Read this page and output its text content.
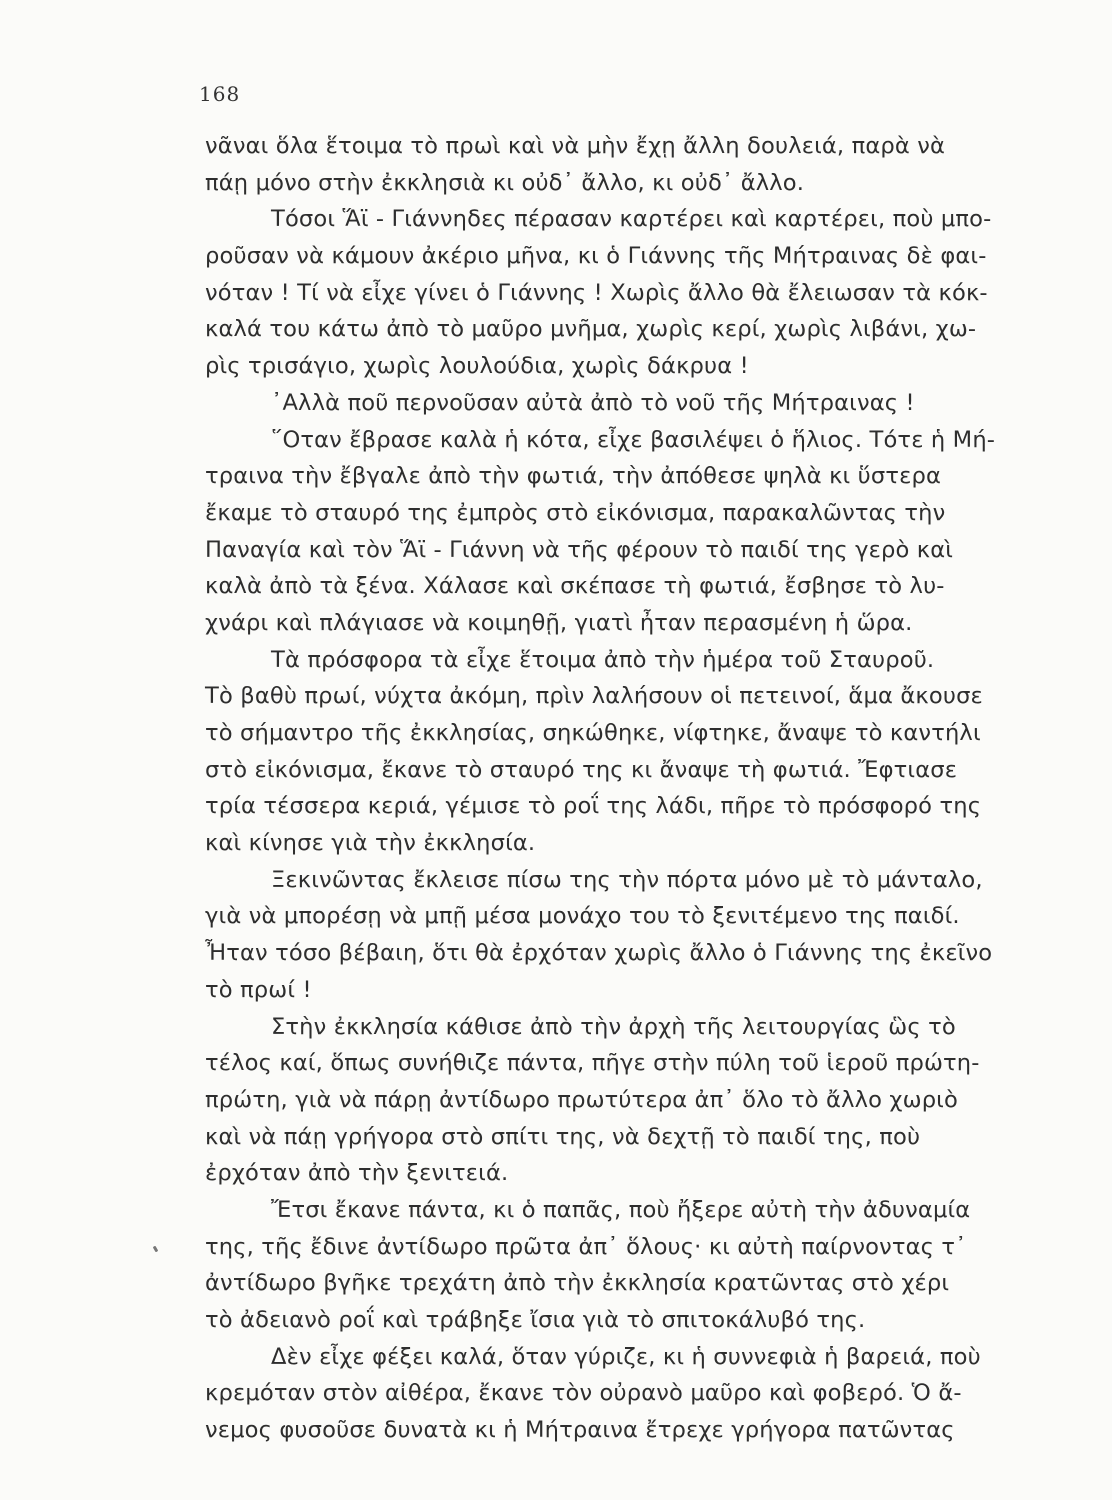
168
νᾶναι ὅλα ἕτοιμα τὸ πρωὶ καὶ νὰ μὴν ἔχῃ ἄλλη δουλειά, παρὰ νὰ
πάῃ μόνο στὴν ἐκκλησιὰ κι οὐδ᾽ ἄλλο, κι οὐδ᾽ ἄλλο.
Τόσοι Ἅϊ - Γιάννηδες πέρασαν καρτέρει καὶ καρτέρει, ποὺ μπο-
ροῦσαν νὰ κάμουν ἀκέριο μῆνα, κι ὁ Γιάννης τῆς Μήτραινας δὲ φαι-
νόταν ! Τί νὰ εἶχε γίνει ὁ Γιάννης ! Χωρὶς ἄλλο θὰ ἔλειωσαν τὰ κόκ-
καλά του κάτω ἀπὸ τὸ μαῦρο μνῆμα, χωρὶς κερί, χωρὶς λιβάνι, χω-
ρὶς τρισάγιο, χωρὶς λουλούδια, χωρὶς δάκρυα !
᾽Αλλὰ ποῦ περνοῦσαν αὐτὰ ἀπὸ τὸ νοῦ τῆς Μήτραινας !
῞Οταν ἔβρασε καλὰ ἡ κότα, εἶχε βασιλέψει ὁ ἥλιος. Τότε ἡ Μή-
τραινα τὴν ἔβγαλε ἀπὸ τὴν φωτιά, τὴν ἀπόθεσε ψηλὰ κι ὕστερα
ἔκαμε τὸ σταυρό της ἐμπρὸς στὸ εἰκόνισμα, παρακαλῶντας τὴν
Παναγία καὶ τὸν Ἅϊ - Γιάννη νὰ τῆς φέρουν τὸ παιδί της γερὸ καὶ
καλὰ ἀπὸ τὰ ξένα. Χάλασε καὶ σκέπασε τὴ φωτιά, ἔσβησε τὸ λυ-
χνάρι καὶ πλάγιασε νὰ κοιμηθῇ, γιατὶ ἦταν περασμένη ἡ ὥρα.
Τὰ πρόσφορα τὰ εἶχε ἕτοιμα ἀπὸ τὴν ἡμέρα τοῦ Σταυροῦ.
Τὸ βαθὺ πρωί, νύχτα ἀκόμη, πρὶν λαλήσουν οἱ πετεινοί, ἅμα ἄκουσε
τὸ σήμαντρο τῆς ἐκκλησίας, σηκώθηκε, νίφτηκε, ἄναψε τὸ καντήλι
στὸ εἰκόνισμα, ἔκανε τὸ σταυρό της κι ἄναψε τὴ φωτιά. Ἔφτιασε
τρία τέσσερα κεριά, γέμισε τὸ ροΐ της λάδι, πῆρε τὸ πρόσφορό της
καὶ κίνησε γιὰ τὴν ἐκκλησία.
Ξεκινῶντας ἔκλεισε πίσω της τὴν πόρτα μόνο μὲ τὸ μάνταλο,
γιὰ νὰ μπορέσῃ νὰ μπῇ μέσα μονάχο του τὸ ξενιτέμενο της παιδί.
Ἦταν τόσο βέβαιη, ὅτι θὰ ἐρχόταν χωρὶς ἄλλο ὁ Γιάννης της ἐκεῖνο
τὸ πρωί !
Στὴν ἐκκλησία κάθισε ἀπὸ τὴν ἀρχὴ τῆς λειτουργίας ὣς τὸ
τέλος καί, ὅπως συνήθιζε πάντα, πῆγε στὴν πύλη τοῦ ἱεροῦ πρώτη-
πρώτη, γιὰ νὰ πάρῃ ἀντίδωρο πρωτύτερα ἀπ᾽ ὅλο τὸ ἄλλο χωριὸ
καὶ νὰ πάῃ γρήγορα στὸ σπίτι της, νὰ δεχτῇ τὸ παιδί της, ποὺ
ἐρχόταν ἀπὸ τὴν ξενιτειά.
Ἔτσι ἔκανε πάντα, κι ὁ παπᾶς, ποὺ ἤξερε αὐτὴ τὴν ἀδυναμία
της, τῆς ἔδινε ἀντίδωρο πρῶτα ἀπ᾽ ὅλους· κι αὐτὴ παίρνοντας τ᾽
ἀντίδωρο βγῆκε τρεχάτη ἀπὸ τὴν ἐκκλησία κρατῶντας στὸ χέρι
τὸ ἀδειανὸ ροΐ καὶ τράβηξε ἴσια γιὰ τὸ σπιτοκάλυβό της.
Δὲν εἶχε φέξει καλά, ὅταν γύριζε, κι ἡ συννεφιὰ ἡ βαρειά, ποὺ
κρεμόταν στὸν αἰθέρα, ἔκανε τὸν οὐρανὸ μαῦρο καὶ φοβερό. Ὁ ἄ-
νεμος φυσοῦσε δυνατὰ κι ἡ Μήτραινα ἔτρεχε γρήγορα πατῶντας
